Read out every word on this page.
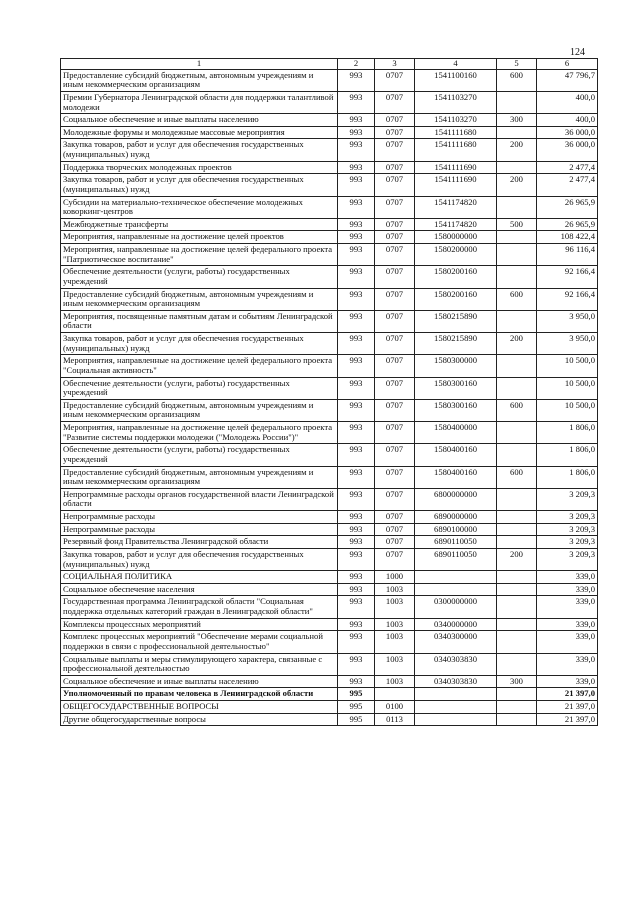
124
1	2	3	4	5	6
Предоставление субсидий бюджетным, автономным учреждениям и иным некоммерческим организациям	993	0707	1541100160	600	47 796,7
Премии Губернатора Ленинградской области для поддержки талантливой молодежи	993	0707	1541103270		400,0
Социальное обеспечение и иные выплаты населению	993	0707	1541103270	300	400,0
Молодежные форумы и молодежные массовые мероприятия	993	0707	1541111680		36 000,0
Закупка товаров, работ и услуг для обеспечения государственных (муниципальных) нужд	993	0707	1541111680	200	36 000,0
Поддержка творческих молодежных проектов	993	0707	1541111690		2 477,4
Закупка товаров, работ и услуг для обеспечения государственных (муниципальных) нужд	993	0707	1541111690	200	2 477,4
Субсидии на материально-техническое обеспечение молодежных коворкинг-центров	993	0707	1541174820		26 965,9
Межбюджетные трансферты	993	0707	1541174820	500	26 965,9
Мероприятия, направленные на достижение целей проектов	993	0707	1580000000		108 422,4
Мероприятия, направленные на достижение целей федерального проекта "Патриотическое воспитание"	993	0707	1580200000		96 116,4
Обеспечение деятельности (услуги, работы) государственных учреждений	993	0707	1580200160		92 166,4
Предоставление субсидий бюджетным, автономным учреждениям и иным некоммерческим организациям	993	0707	1580200160	600	92 166,4
Мероприятия, посвященные памятным датам и событиям Ленинградской области	993	0707	1580215890		3 950,0
Закупка товаров, работ и услуг для обеспечения государственных (муниципальных) нужд	993	0707	1580215890	200	3 950,0
Мероприятия, направленные на достижение целей федерального проекта "Социальная активность"	993	0707	1580300000		10 500,0
Обеспечение деятельности (услуги, работы) государственных учреждений	993	0707	1580300160		10 500,0
Предоставление субсидий бюджетным, автономным учреждениям и иным некоммерческим организациям	993	0707	1580300160	600	10 500,0
Мероприятия, направленные на достижение целей федерального проекта "Развитие системы поддержки молодежи ("Молодежь России")"	993	0707	1580400000		1 806,0
Обеспечение деятельности (услуги, работы) государственных учреждений	993	0707	1580400160		1 806,0
Предоставление субсидий бюджетным, автономным учреждениям и иным некоммерческим организациям	993	0707	1580400160	600	1 806,0
Непрограммные расходы органов государственной власти Ленинградской области	993	0707	6800000000		3 209,3
Непрограммные расходы	993	0707	6890000000		3 209,3
Непрограммные расходы	993	0707	6890100000		3 209,3
Резервный фонд Правительства Ленинградской области	993	0707	6890110050		3 209,3
Закупка товаров, работ и услуг для обеспечения государственных (муниципальных) нужд	993	0707	6890110050	200	3 209,3
СОЦИАЛЬНАЯ ПОЛИТИКА	993	1000			339,0
Социальное обеспечение населения	993	1003			339,0
Государственная программа Ленинградской области "Социальная поддержка отдельных категорий граждан в Ленинградской области"	993	1003	0300000000		339,0
Комплексы процессных мероприятий	993	1003	0340000000		339,0
Комплекс процессных мероприятий "Обеспечение мерами социальной поддержки в связи с профессиональной деятельностью"	993	1003	0340300000		339,0
Социальные выплаты и меры стимулирующего характера, связанные с профессиональной деятельностью	993	1003	0340303830		339,0
Социальное обеспечение и иные выплаты населению	993	1003	0340303830	300	339,0
Уполномоченный по правам человека в Ленинградской области	995				21 397,0
ОБЩЕГОСУДАРСТВЕННЫЕ ВОПРОСЫ	995	0100			21 397,0
Другие общегосударственные вопросы	995	0113			21 397,0
